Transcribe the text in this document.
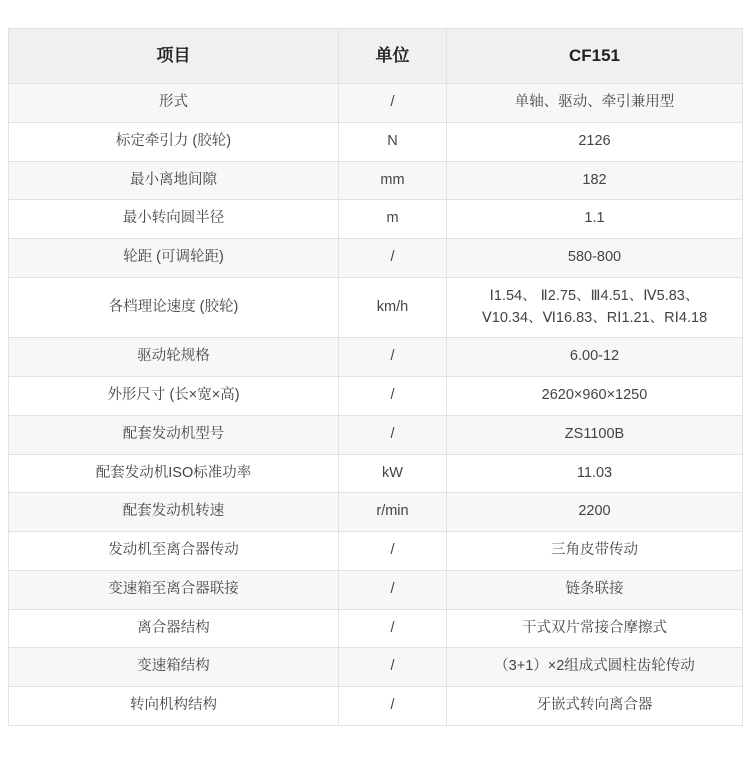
项目	单位	CF151
形式	/	单轴、驱动、牵引兼用型
标定牵引力 (胶轮)	N	2126
最小离地间隙	mm	182
最小转向圆半径	m	1.1
轮距 (可调轮距)	/	580-800
各档理论速度 (胶轮)	km/h	Ⅰ1.54、 Ⅱ2.75、Ⅲ4.51、Ⅳ5.83、
Ⅴ10.34、Ⅵ16.83、RⅠ1.21、RⅠ4.18

驱动轮规格	/	6.00-12
外形尺寸 (长×宽×高)	/	2620×960×1250
配套发动机型号	/	ZS1100B
配套发动机ISO标准功率	kW	11.03
配套发动机转速	r/min	2200
发动机至离合器传动	/	三角皮带传动
变速箱至离合器联接	/	链条联接
离合器结构	/	干式双片常接合摩擦式
变速箱结构	/	（3+1）×2组成式圆柱齿轮传动
转向机构结构	/	牙嵌式转向离合器
